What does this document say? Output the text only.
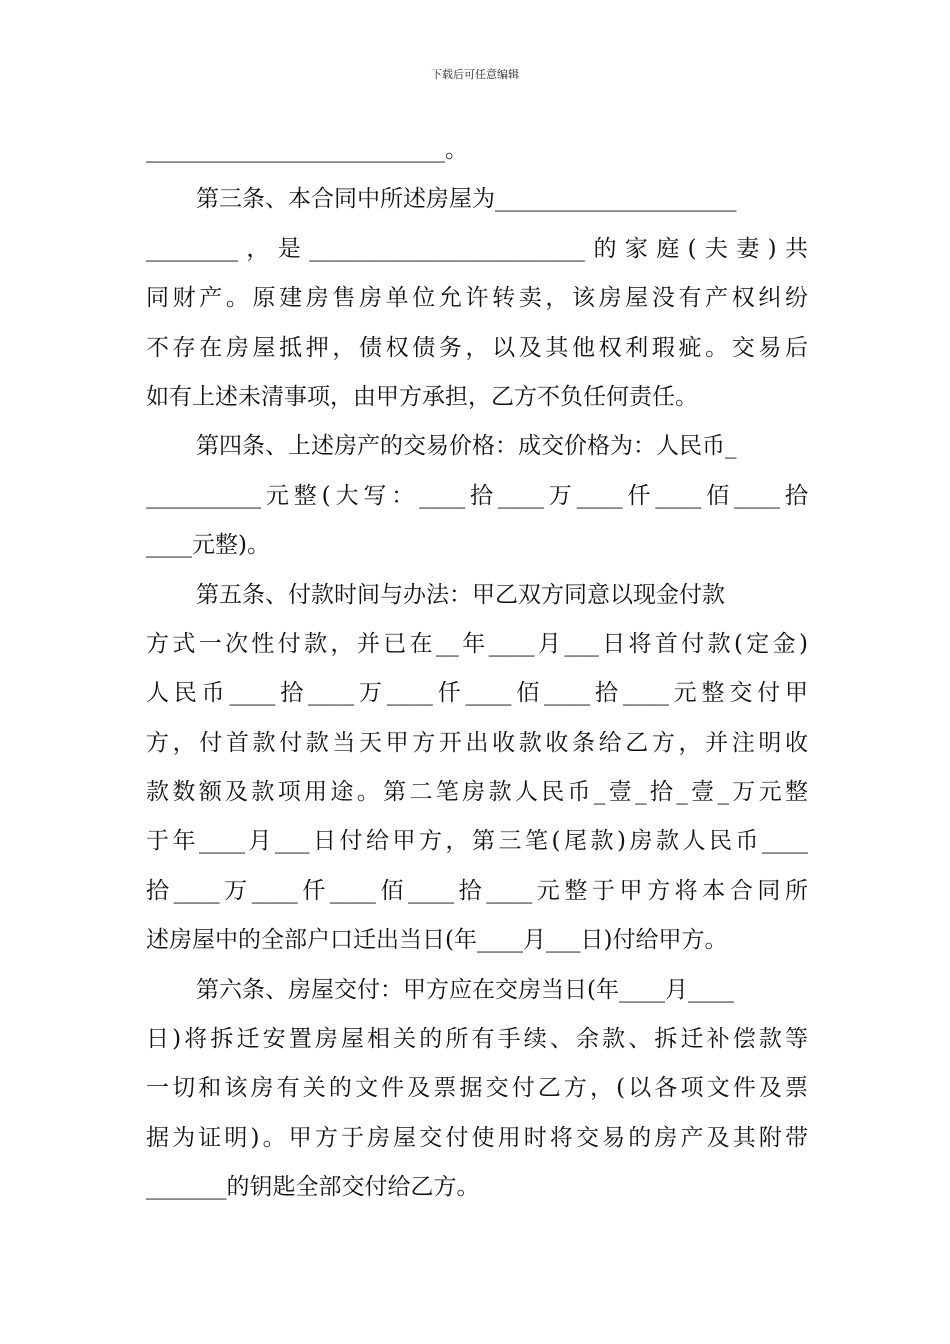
下载后可任意编辑
__________________________。
第三条、本合同中所述房屋为_____________________
________，是________________________的家庭(夫妻)共
同财产。原建房售房单位允许转卖，该房屋没有产权纠纷
不存在房屋抵押，债权债务，以及其他权利瑕疵。交易后
如有上述未清事项，由甲方承担，乙方不负任何责任。
第四条、上述房产的交易价格：成交价格为：人民币_
__________元整(大写：____拾____万____仟____佰____拾
____元整)。
第五条、付款时间与办法：甲乙双方同意以现金付款
方式一次性付款，并已在__年____月___日将首付款(定金)
人民币____拾____万____仟____佰____拾____元整交付甲
方，付首款付款当天甲方开出收款收条给乙方，并注明收
款数额及款项用途。第二笔房款人民币_壹_拾_壹_万元整
于年____月___日付给甲方，第三笔(尾款)房款人民币____
拾____万____仟____佰____拾____元整于甲方将本合同所
述房屋中的全部户口迁出当日(年____月___日)付给甲方。
第六条、房屋交付：甲方应在交房当日(年____月____
日)将拆迁安置房屋相关的所有手续、余款、拆迁补偿款等
一切和该房有关的文件及票据交付乙方，(以各项文件及票
据为证明)。甲方于房屋交付使用时将交易的房产及其附带
_______的钥匙全部交付给乙方。
